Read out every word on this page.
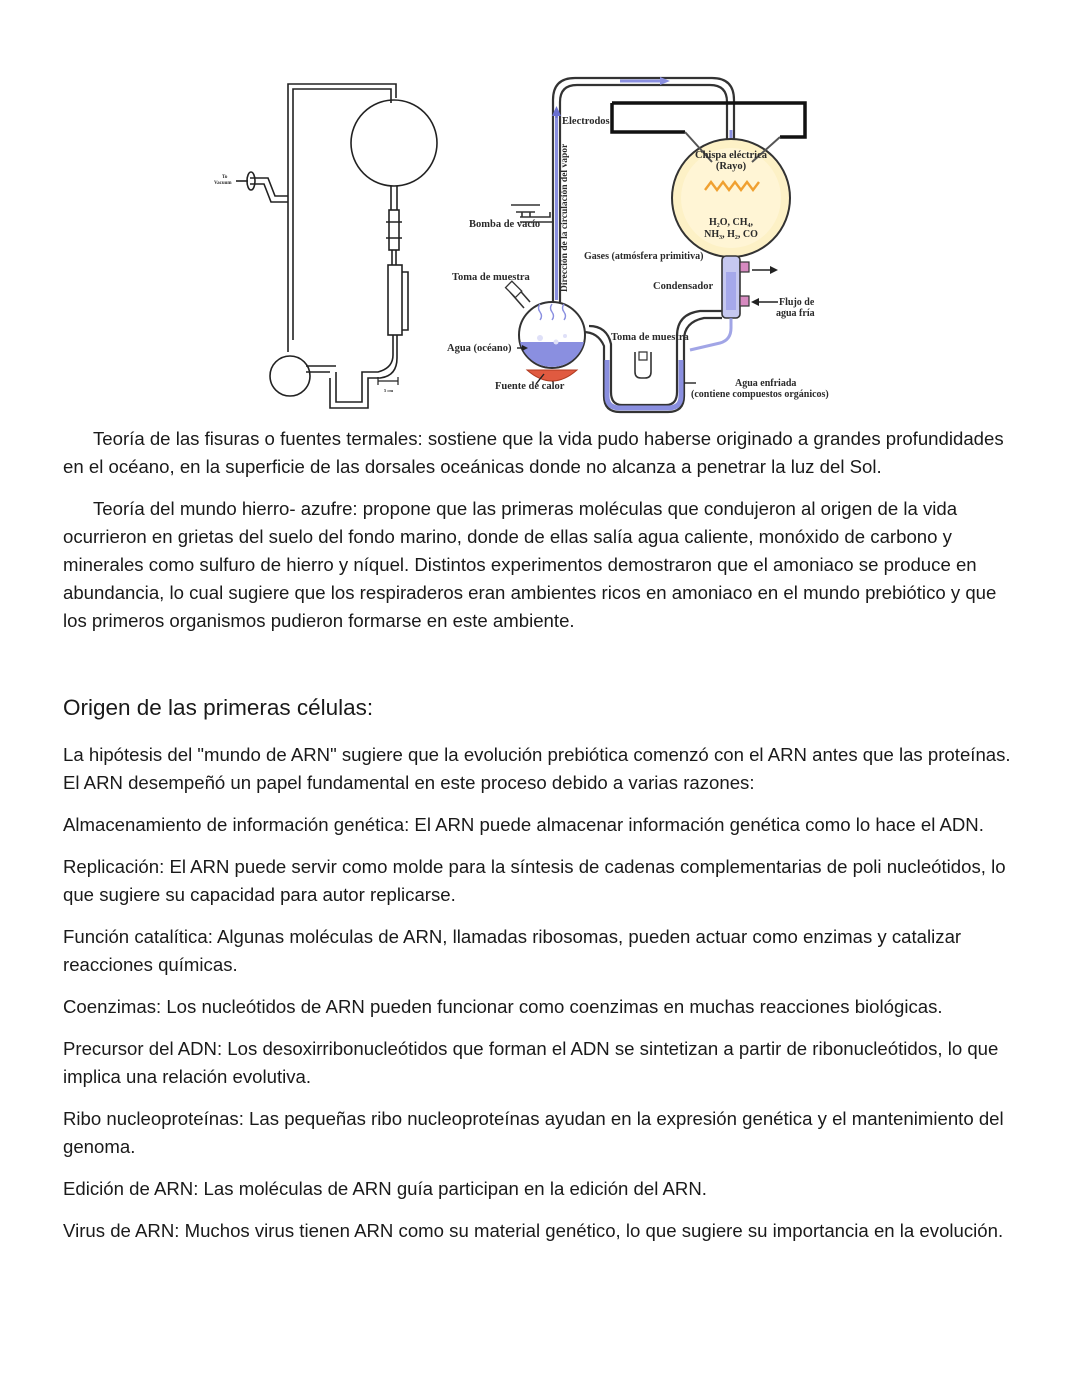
To
Vacuum
5 cm
Electrodos
Chispa eléctrica
(Rayo)
H₂O, CH₄,
NH₃, H₂, CO
Bomba de vacío Dirección de la circulación del vapor Gases (atmósfera primitiva)
Toma de muestra
Condensador
Flujo de
agua fría
Agua (océano)
Toma de muestra
Fuente de calor	Agua enfriada
(contiene compuestos orgánicos)

Teoría de las fisuras o fuentes termales: sostiene que la vida pudo haberse originado a grandes profundidades en el océano, en la superficie de las dorsales oceánicas donde no alcanza a penetrar la luz del Sol.

Teoría del mundo hierro- azufre: propone que las primeras moléculas que condujeron al origen de la vida ocurrieron en grietas del suelo del fondo marino, donde de ellas salía agua caliente, monóxido de carbono y minerales como sulfuro de hierro y níquel. Distintos experimentos demostraron que el amoniaco se produce en abundancia, lo cual sugiere que los respiraderos eran ambientes ricos en amoniaco en el mundo prebiótico y que los primeros organismos pudieron formarse en este ambiente.

Origen de las primeras células:

La hipótesis del "mundo de ARN" sugiere que la evolución prebiótica comenzó con el ARN antes que las proteínas. El ARN desempeñó un papel fundamental en este proceso debido a varias razones:

Almacenamiento de información genética: El ARN puede almacenar información genética como lo hace el ADN.

Replicación: El ARN puede servir como molde para la síntesis de cadenas complementarias de poli nucleótidos, lo que sugiere su capacidad para autor replicarse.

Función catalítica: Algunas moléculas de ARN, llamadas ribosomas, pueden actuar como enzimas y catalizar reacciones químicas.

Coenzimas: Los nucleótidos de ARN pueden funcionar como coenzimas en muchas reacciones biológicas.

Precursor del ADN: Los desoxirribonucleótidos que forman el ADN se sintetizan a partir de ribonucleótidos, lo que implica una relación evolutiva.

Ribo nucleoproteínas: Las pequeñas ribo nucleoproteínas ayudan en la expresión genética y el mantenimiento del genoma.

Edición de ARN: Las moléculas de ARN guía participan en la edición del ARN.

Virus de ARN: Muchos virus tienen ARN como su material genético, lo que sugiere su importancia en la evolución.
